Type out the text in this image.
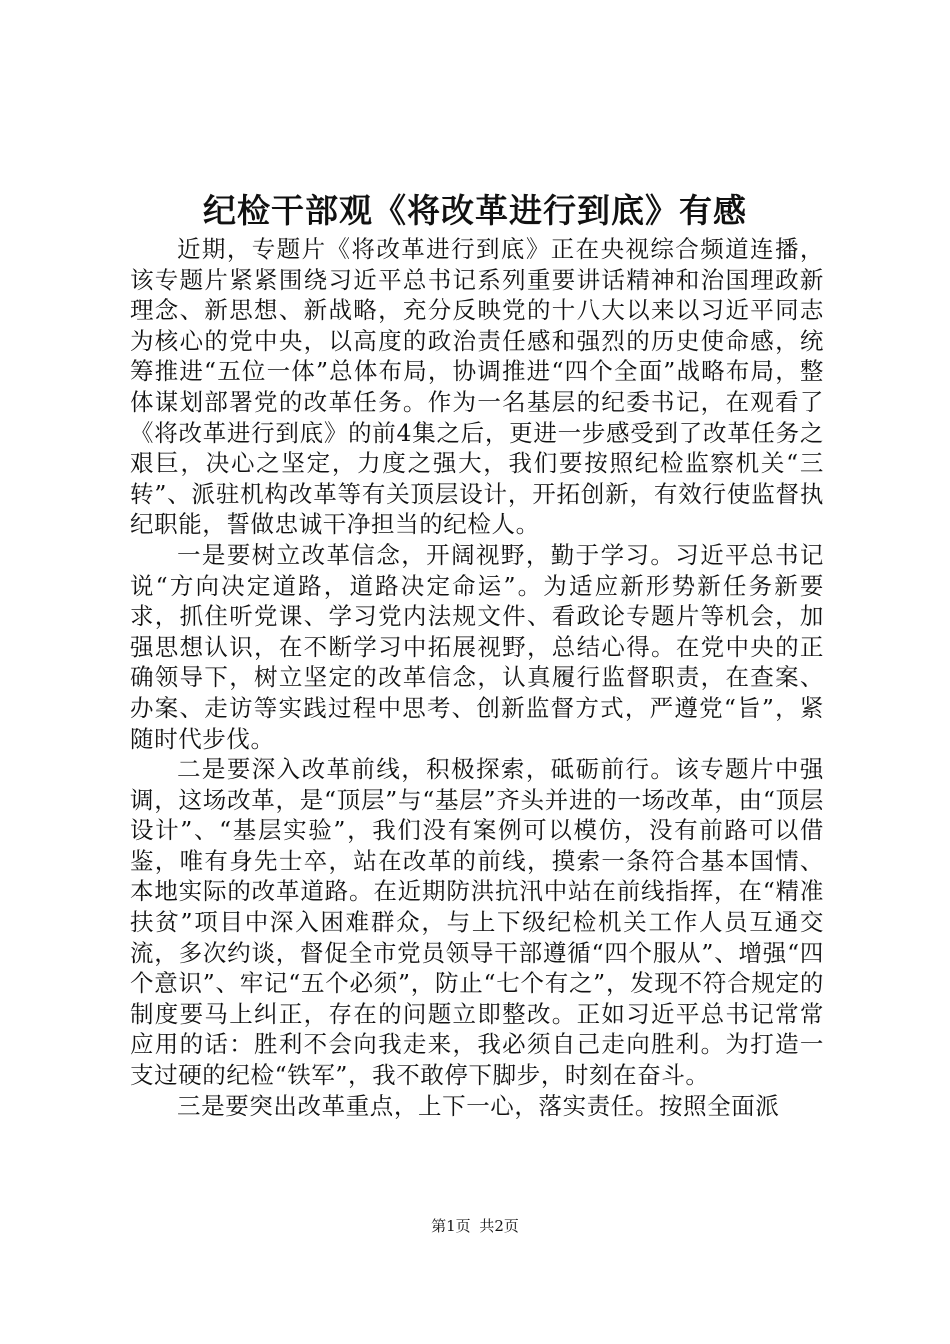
纪检干部观《将改革进行到底》有感

近期，专题片《将改革进行到底》正在央视综合频道连播，该专题片紧紧围绕习近平总书记系列重要讲话精神和治国理政新理念、新思想、新战略，充分反映党的十八大以来以习近平同志为核心的党中央，以高度的政治责任感和强烈的历史使命感，统筹推进“五位一体”总体布局，协调推进“四个全面”战略布局，整体谋划部署党的改革任务。作为一名基层的纪委书记，在观看了《将改革进行到底》的前4集之后，更进一步感受到了改革任务之艰巨，决心之坚定，力度之强大，我们要按照纪检监察机关“三转”、派驻机构改革等有关顶层设计，开拓创新，有效行使监督执纪职能，誓做忠诚干净担当的纪检人。

一是要树立改革信念，开阔视野，勤于学习。习近平总书记说“方向决定道路，道路决定命运”。为适应新形势新任务新要求，抓住听党课、学习党内法规文件、看政论专题片等机会，加强思想认识，在不断学习中拓展视野，总结心得。在党中央的正确领导下，树立坚定的改革信念，认真履行监督职责，在查案、办案、走访等实践过程中思考、创新监督方式，严遵党“旨”，紧随时代步伐。

二是要深入改革前线，积极探索，砥砺前行。该专题片中强调，这场改革，是“顶层”与“基层”齐头并进的一场改革，由“顶层设计”、“基层实验”，我们没有案例可以模仿，没有前路可以借鉴，唯有身先士卒，站在改革的前线，摸索一条符合基本国情、本地实际的改革道路。在近期防洪抗汛中站在前线指挥，在“精准扶贫”项目中深入困难群众，与上下级纪检机关工作人员互通交流，多次约谈，督促全市党员领导干部遵循“四个服从”、增强“四个意识”、牢记“五个必须”，防止“七个有之”，发现不符合规定的制度要马上纠正，存在的问题立即整改。正如习近平总书记常常应用的话：胜利不会向我走来，我必须自己走向胜利。为打造一支过硬的纪检“铁军”，我不敢停下脚步，时刻在奋斗。

三是要突出改革重点，上下一心，落实责任。按照全面派

第1页 共2页
